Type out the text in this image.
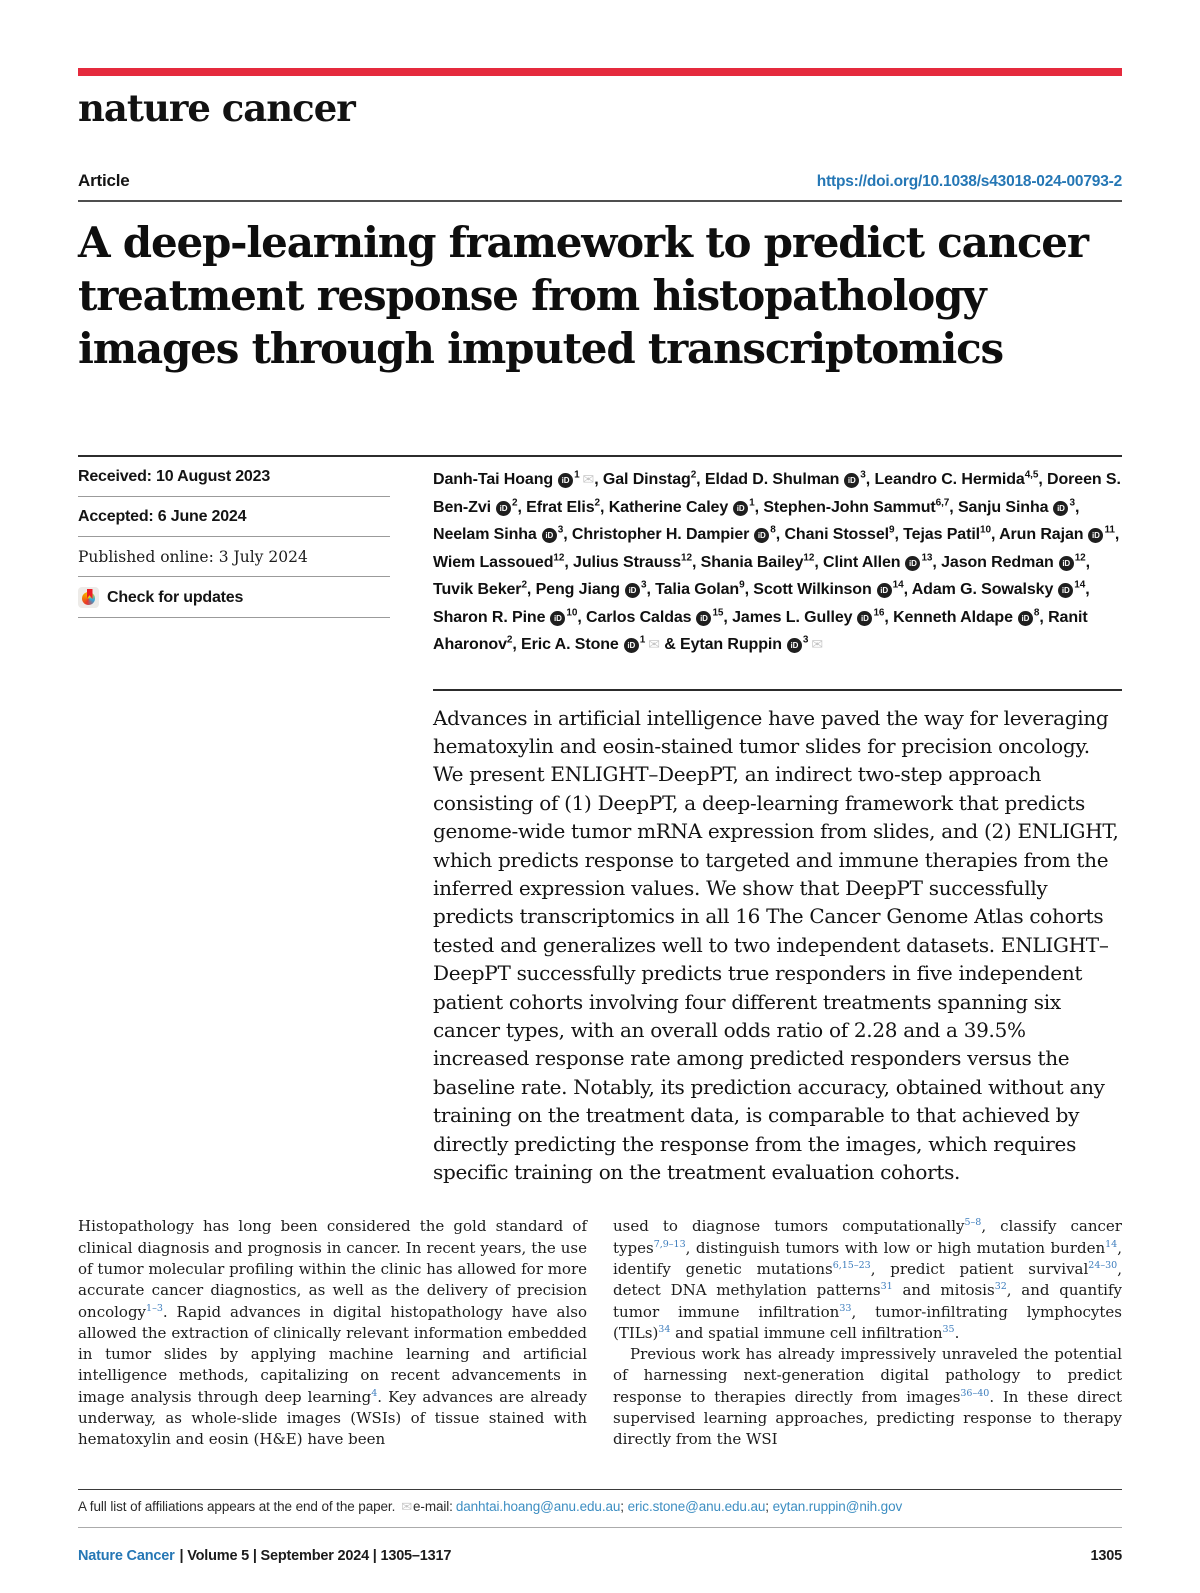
nature cancer
Article	https://doi.org/10.1038/s43018-024-00793-2
A deep-learning framework to predict cancer
treatment response from histopathology
images through imputed transcriptomics
Received: 10 August 2023
Accepted: 6 June 2024
Published online: 3 July 2024
Check for updates
Danh-Tai Hoang iD $^1$ ✉, Gal Dinstag$^2$, Eldad D. Shulman iD $^3$, Leandro C. Hermida$^{4,5}$, Doreen S. Ben-Zvi iD $^2$, Efrat Elis$^2$, Katherine Caley iD $^1$, Stephen-John Sammut$^{6,7}$, Sanju Sinha iD $^3$, Neelam Sinha iD $^3$, Christopher H. Dampier iD $^8$, Chani Stossel$^9$, Tejas Patil$^{10}$, Arun Rajan iD $^{11}$, Wiem Lassoued$^{12}$, Julius Strauss$^{12}$, Shania Bailey$^{12}$, Clint Allen iD $^{13}$, Jason Redman iD $^{12}$, Tuvik Beker$^2$, Peng Jiang iD $^3$, Talia Golan$^9$, Scott Wilkinson iD $^{14}$, Adam G. Sowalsky iD $^{14}$, Sharon R. Pine iD $^{10}$, Carlos Caldas iD $^{15}$, James L. Gulley iD $^{16}$, Kenneth Aldape iD $^8$, Ranit Aharonov$^2$, Eric A. Stone iD $^1$ ✉ & Eytan Ruppin iD $^3$ ✉

Advances in artificial intelligence have paved the way for leveraging hematoxylin and eosin-stained tumor slides for precision oncology. We present ENLIGHT–DeepPT, an indirect two-step approach consisting of (1) DeepPT, a deep-learning framework that predicts genome-wide tumor mRNA expression from slides, and (2) ENLIGHT, which predicts response to targeted and immune therapies from the inferred expression values. We show that DeepPT successfully predicts transcriptomics in all 16 The Cancer Genome Atlas cohorts tested and generalizes well to two independent datasets. ENLIGHT–DeepPT successfully predicts true responders in five independent patient cohorts involving four different treatments spanning six cancer types, with an overall odds ratio of 2.28 and a 39.5% increased response rate among predicted responders versus the baseline rate. Notably, its prediction accuracy, obtained without any training on the treatment data, is comparable to that achieved by directly predicting the response from the images, which requires specific training on the treatment evaluation cohorts.

Histopathology has long been considered the gold standard of clinical diagnosis and prognosis in cancer. In recent years, the use of tumor molecular profiling within the clinic has allowed for more accurate cancer diagnostics, as well as the delivery of precision oncology$^{1-3}$. Rapid advances in digital histopathology have also allowed the extraction of clinically relevant information embedded in tumor slides by applying machine learning and artificial intelligence methods, capitalizing on recent advancements in image analysis through deep learning$^4$. Key advances are already underway, as whole-slide images (WSIs) of tissue stained with hematoxylin and eosin (H&E) have been

used to diagnose tumors computationally$^{5-8}$, classify cancer types$^{7,9-13}$, distinguish tumors with low or high mutation burden$^{14}$, identify genetic mutations$^{6,15-23}$, predict patient survival$^{24-30}$, detect DNA methylation patterns$^{31}$ and mitosis$^{32}$, and quantify tumor immune infiltration$^{33}$, tumor-infiltrating lymphocytes (TILs)$^{34}$ and spatial immune cell infiltration$^{35}$.

Previous work has already impressively unraveled the potential of harnessing next-generation digital pathology to predict response to therapies directly from images$^{36-40}$. In these direct supervised learning approaches, predicting response to therapy directly from the WSI

A full list of affiliations appears at the end of the paper. ✉e-mail: danhtai.hoang@anu.edu.au; eric.stone@anu.edu.au; eytan.ruppin@nih.gov
Nature Cancer | Volume 5 | September 2024 | 1305–1317	1305
